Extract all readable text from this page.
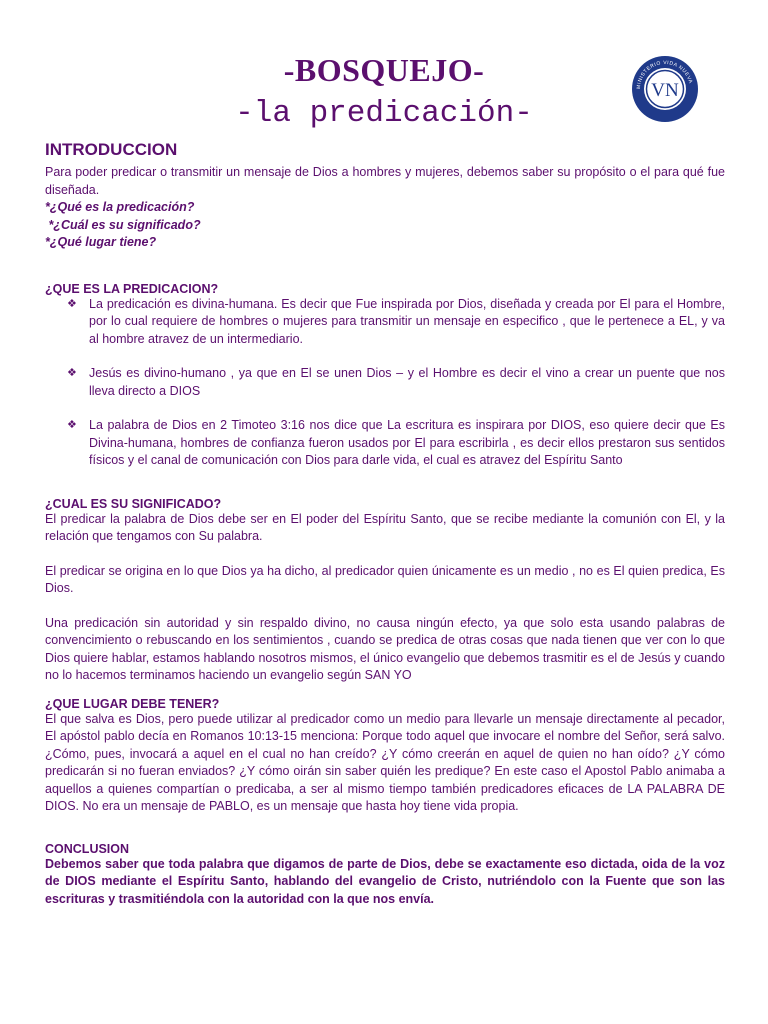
-BOSQUEJO-
-la predicación-
MINISTERIO VIDA NUEVA
VN
INTRODUCCION

Para poder predicar o transmitir un mensaje de Dios a hombres y mujeres, debemos saber su propósito o el para qué fue diseñada.

*¿Qué es la predicación?
*¿Cuál es su significado?
*¿Qué lugar tiene?
¿QUE ES LA PREDICACION?
❖ La predicación es divina-humana. Es decir que Fue inspirada por Dios, diseñada y creada por El para el Hombre, por lo cual requiere de hombres o mujeres para transmitir un mensaje en especifico , que le pertenece a EL, y va al hombre atravez de un intermediario.
❖ Jesús es divino-humano , ya que en El se unen Dios – y el Hombre es decir el vino a crear un puente que nos lleva directo a DIOS
❖ La palabra de Dios en 2 Timoteo 3:16 nos dice que La escritura es inspirara por DIOS, eso quiere decir que Es Divina-humana, hombres de confianza fueron usados por El para escribirla , es decir ellos prestaron sus sentidos físicos y el canal de comunicación con Dios para darle vida, el cual es atravez del Espíritu Santo
¿CUAL ES SU SIGNIFICADO?

El predicar la palabra de Dios debe ser en El poder del Espíritu Santo, que se recibe mediante la comunión con El, y la relación que tengamos con Su palabra.

El predicar se origina en lo que Dios ya ha dicho, al predicador quien únicamente es un medio , no es El quien predica, Es Dios.

Una predicación sin autoridad y sin respaldo divino, no causa ningún efecto, ya que solo esta usando palabras de convencimiento o rebuscando en los sentimientos , cuando se predica de otras cosas que nada tienen que ver con lo que Dios quiere hablar, estamos hablando nosotros mismos, el único evangelio que debemos trasmitir es el de Jesús y cuando no lo hacemos terminamos haciendo un evangelio según SAN YO

¿QUE LUGAR DEBE TENER?

El que salva es Dios, pero puede utilizar al predicador como un medio para llevarle un mensaje directamente al pecador, El apóstol pablo decía en Romanos 10:13-15 menciona: Porque todo aquel que invocare el nombre del Señor, será salvo. ¿Cómo, pues, invocará a aquel en el cual no han creído? ¿Y cómo creerán en aquel de quien no han oído? ¿Y cómo predicarán si no fueran enviados? ¿Y cómo oirán sin saber quién les predique? En este caso el Apostol Pablo animaba a aquellos a quienes compartían o predicaba, a ser al mismo tiempo también predicadores eficaces de LA PALABRA DE DIOS. No era un mensaje de PABLO, es un mensaje que hasta hoy tiene vida propia.

CONCLUSION

Debemos saber que toda palabra que digamos de parte de Dios, debe se exactamente eso dictada, oida de la voz de DIOS mediante el Espíritu Santo, hablando del evangelio de Cristo, nutriéndolo con la Fuente que son las escrituras y trasmitiéndola con la autoridad con la que nos envía.
